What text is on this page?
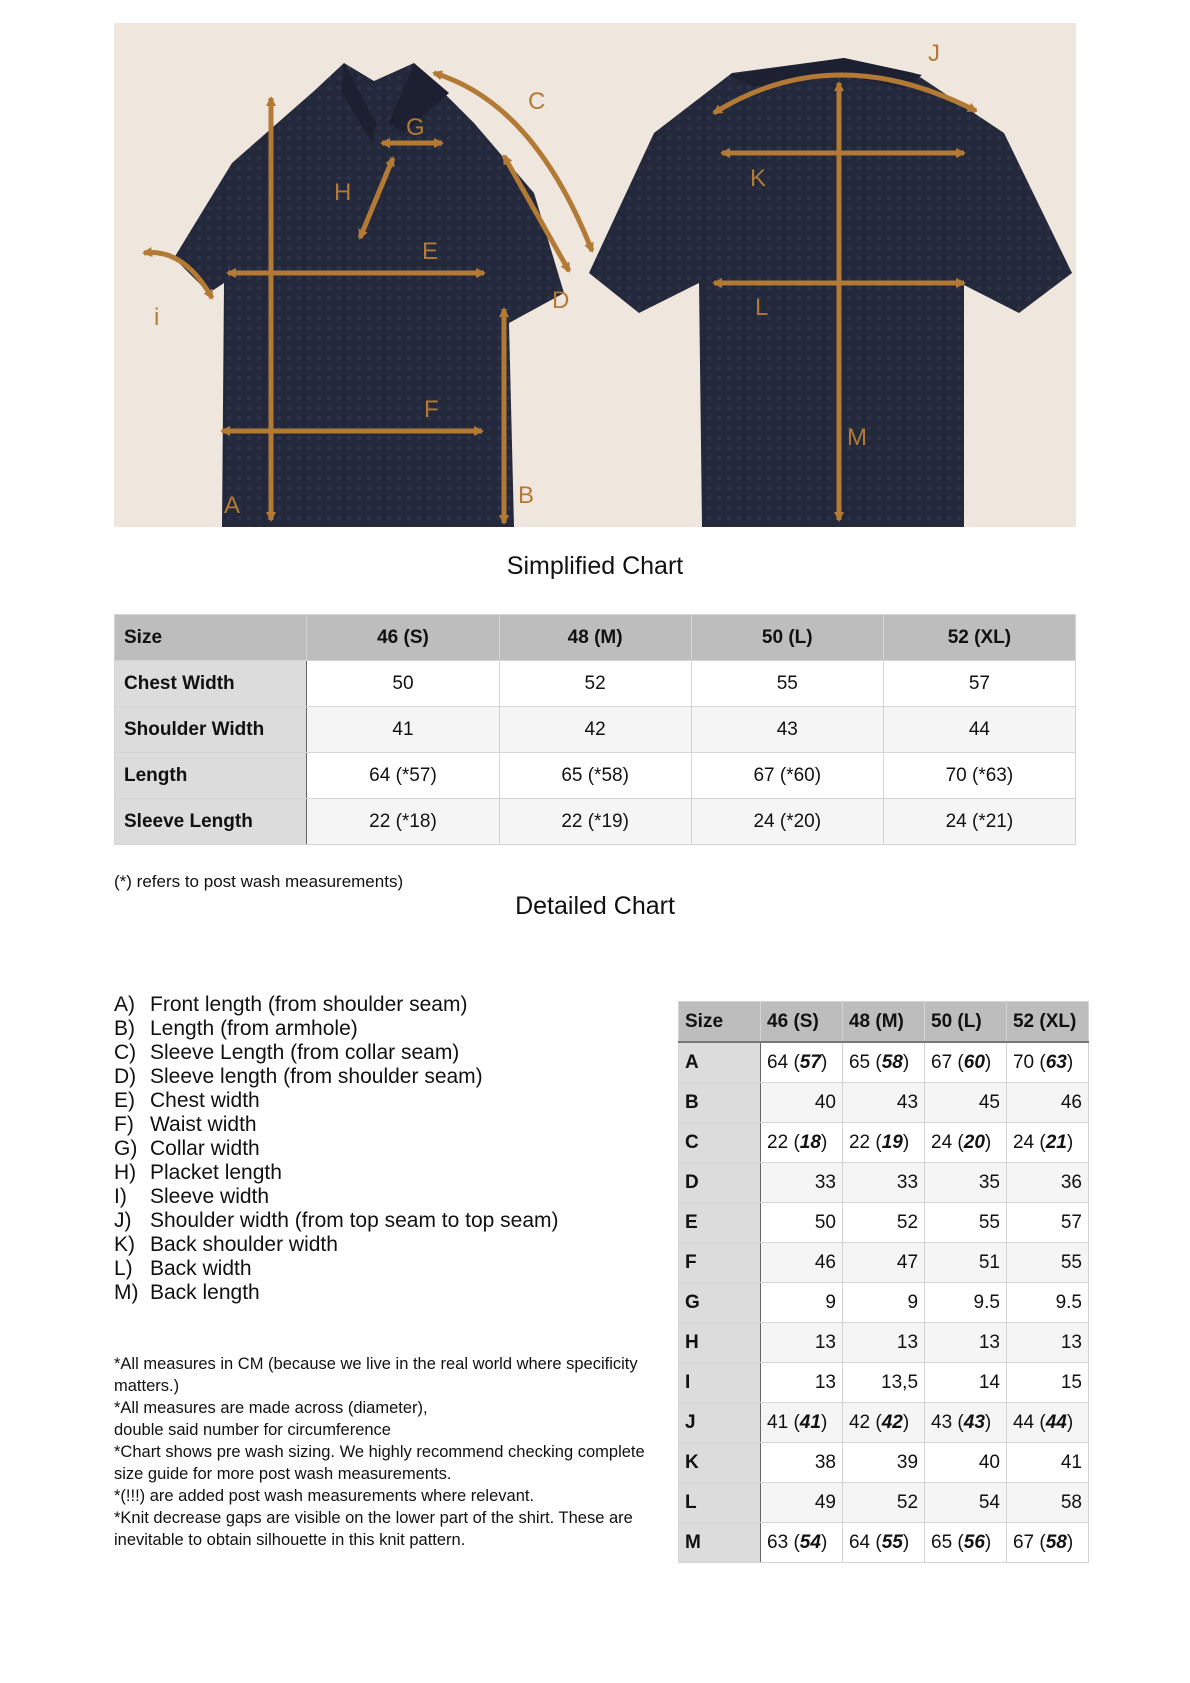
A	B
C
D
E
F
G
H
i
J
K
L
M
Simplified Chart
Size	46 (S)	48 (M)	50 (L)	52 (XL)
Chest Width	50	52	55	57
Shoulder Width	41	42	43	44
Length	64 (*57)	65 (*58)	67 (*60)	70 (*63)
Sleeve Length	22 (*18)	22 (*19)	24 (*20)	24 (*21)
(*) refers to post wash measurements)
Detailed Chart
A) Front length (from shoulder seam)
B) Length (from armhole)
C) Sleeve Length (from collar seam)
D) Sleeve length (from shoulder seam)
E) Chest width
F) Waist width
G) Collar width
H) Placket length
I)	Sleeve width
J) Shoulder width (from top seam to top seam)
K) Back shoulder width
L) Back width
M) Back length
*All measures in CM (because we live in the real world where specificity matters.)
*All measures are made across (diameter),
double said number for circumference
*Chart shows pre wash sizing. We highly recommend checking complete size guide for more post wash measurements.
*(!!!) are added post wash measurements where relevant.
*Knit decrease gaps are visible on the lower part of the shirt. These are inevitable to obtain silhouette in this knit pattern.
Size	46 (S)	48 (M)	50 (L)	52 (XL)
A	64 (57)	65 (58)	67 (60)	70 (63)
B	40	43	45	46
C	22 (18)	22 (19)	24 (20)	24 (21)
D	33	33	35	36
E	50	52	55	57
F	46	47	51	55
G	9	9	9.5	9.5
H	13	13	13	13
I	13	13,5	14	15
J	41 (41)	42 (42)	43 (43)	44 (44)
K	38	39	40	41
L	49	52	54	58
M	63 (54)	64 (55)	65 (56)	67 (58)
